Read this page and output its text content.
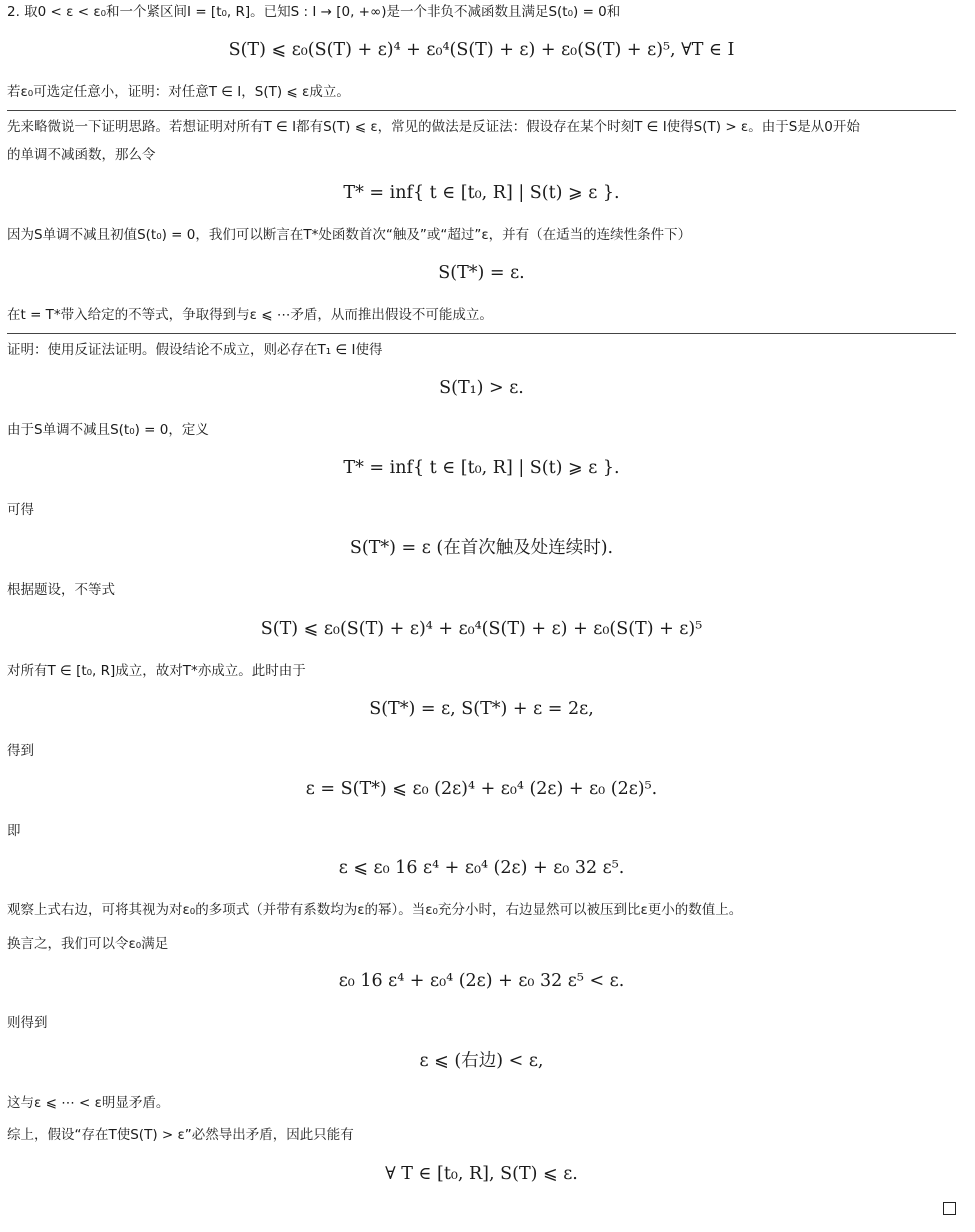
2. 取0 < ε < ε₀和一个紧区间I = [t₀, R]。已知S : I → [0, +∞)是一个非负不减函数且满足S(t₀) = 0和
S(T) ⩽ ε₀(S(T) + ε)⁴ + ε₀⁴(S(T) + ε) + ε₀(S(T) + ε)⁵, ∀T ∈ I
若ε₀可选定任意小，证明：对任意T ∈ I，S(T) ⩽ ε成立。
先来略微说一下证明思路。若想证明对所有T ∈ I都有S(T) ⩽ ε，常见的做法是反证法：假设存在某个时刻T ∈ I使得S(T) > ε。由于S是从0开始
的单调不减函数，那么令
T* = inf{ t ∈ [t₀, R] | S(t) ⩾ ε }.
因为S单调不减且初值S(t₀) = 0，我们可以断言在T*处函数首次“触及”或“超过”ε，并有（在适当的连续性条件下）
S(T*) = ε.
在t = T*带入给定的不等式，争取得到与ε ⩽ ⋯矛盾，从而推出假设不可能成立。
证明：使用反证法证明。假设结论不成立，则必存在T₁ ∈ I使得
S(T₁) > ε.
由于S单调不减且S(t₀) = 0，定义
T* = inf{ t ∈ [t₀, R] | S(t) ⩾ ε }.
可得
S(T*) = ε (在首次触及处连续时).
根据题设，不等式
S(T) ⩽ ε₀(S(T) + ε)⁴ + ε₀⁴(S(T) + ε) + ε₀(S(T) + ε)⁵
对所有T ∈ [t₀, R]成立，故对T*亦成立。此时由于
S(T*) = ε, S(T*) + ε = 2ε,
得到
ε = S(T*) ⩽ ε₀ (2ε)⁴ + ε₀⁴ (2ε) + ε₀ (2ε)⁵.
即
ε ⩽ ε₀ 16 ε⁴ + ε₀⁴ (2ε) + ε₀ 32 ε⁵.
观察上式右边，可将其视为对ε₀的多项式（并带有系数均为ε的幂）。当ε₀充分小时，右边显然可以被压到比ε更小的数值上。
换言之，我们可以令ε₀满足
ε₀ 16 ε⁴ + ε₀⁴ (2ε) + ε₀ 32 ε⁵ < ε.
则得到
ε ⩽ (右边) < ε,
这与ε ⩽ ⋯ < ε明显矛盾。
综上，假设“存在T使S(T) > ε”必然导出矛盾，因此只能有
∀ T ∈ [t₀, R], S(T) ⩽ ε.
